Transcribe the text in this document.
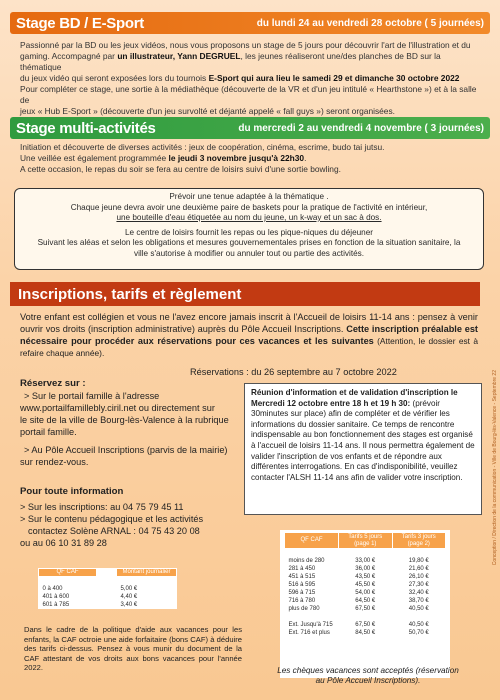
Stage BD / E-Sport	du lundi 24 au vendredi 28 octobre ( 5 journées)
Passionné par la BD ou les jeux vidéos, nous vous proposons un stage de 5 jours pour découvrir l'art de l'illustration et du
gaming. Accompagné par un illustrateur, Yann DEGRUEL, les jeunes réaliseront une/des planches de BD sur la thématique
du jeux vidéo qui seront exposées lors du tournois E-Sport qui aura lieu le samedi 29 et dimanche 30 octobre 2022
Pour compléter ce stage, une sortie à la médiathèque (découverte de la VR et d'un jeu intitulé « Hearthstone ») et à la salle de
jeux « Hub E-Sport » (découverte d'un jeu survolté et déjanté appelé « fall guys ») seront organisées.
Stage multi-activités	du mercredi 2 au vendredi 4 novembre ( 3 journées)
Initiation et découverte de diverses activités : jeux de coopération, cinéma, escrime, budo tai jutsu.
Une veillée est également programmée le jeudi 3 novembre jusqu'à 22h30.
A cette occasion, le repas du soir se fera au centre de loisirs suivi d'une sortie bowling.
Prévoir une tenue adaptée à la thématique .
Chaque jeune devra avoir une deuxième paire de baskets pour la pratique de l'activité en intérieur,
une bouteille d'eau étiquetée au nom du jeune, un k-way et un sac à dos.
Le centre de loisirs fournit les repas ou les pique-niques du déjeuner
Suivant les aléas et selon les obligations et mesures gouvernementales prises en fonction de la situation sanitaire, la
ville s'autorise à modifier ou annuler tout ou partie des activités.
Inscriptions, tarifs et règlement
Votre enfant est collégien et vous ne l'avez encore jamais inscrit à l'Accueil de loisirs 11-14 ans : pensez à venir ouvrir vos droits (inscription administrative) auprès du Pôle Accueil Inscriptions. Cette inscription préalable est nécessaire pour procéder aux réservations pour ces vacances et les suivantes (Attention, le dossier est à refaire chaque année).
Réservations : du 26 septembre au 7 octobre 2022
Réservez sur :
> Sur le portail famille à l'adresse
www.portailfamillebly.ciril.net ou directement sur
le site de la ville de Bourg-lès-Valence à la rubrique
portail famille.
> Au Pôle Accueil Inscriptions (parvis de la mairie)
sur rendez-vous.
Pour toute information
> Sur les inscriptions: au 04 75 79 45 11
> Sur le contenu pédagogique et les activités
contactez Solène ARNAL : 04 75 43 20 08
ou au 06 10 31 89 28
QF CAF		Montant journalier

0 à 400		5,00 €
401 à 600		4,40 €
601 à 785		3,40 €
Dans le cadre de la politique d'aide aux vacances pour les enfants, la CAF octroie une aide forfaitaire (bons CAF) à déduire des tarifs ci-dessus. Pensez à vous munir du document de la CAF attestant de vos droits aux bons vacances pour l'année 2022.
Réunion d'information et de validation d'inscription le Mercredi 12 octobre entre 18 h et 19 h 30: (prévoir 30minutes sur place) afin de compléter et de vérifier les informations du dossier sanitaire. Ce temps de rencontre indispensable au bon fonctionnement des stages est organisé à l'accueil de loisirs 11-14 ans. Il nous permettra également de valider l'inscription de vos enfants et de répondre aux différentes interrogations. En cas d'indisponibilité, veuillez contacter l'ALSH 11-14 ans afin de valider votre inscription.
QF CAF	Tarifs 5 jours (page 1)	Tarifs 3 jours (page 2)

moins de 280	33,00 €	19,80 €
281 à 450	36,00 €	21,60 €
451 à 515	43,50 €	26,10 €
516 à 595	45,50 €	27,30 €
596 à 715	54,00 €	32,40 €
716 à 780	64,50 €	38,70 €
plus de 780	67,50 €	40,50 €

Ext. Jusqu'à 715	67,50 €	40,50 €
Ext. 716 et plus	84,50 €	50,70 €
Les chèques vacances sont acceptés (réservation au Pôle Accueil Inscriptions).
Conception / Direction de la communication - Ville de Bourg-lès-Valence - Septembre 22
